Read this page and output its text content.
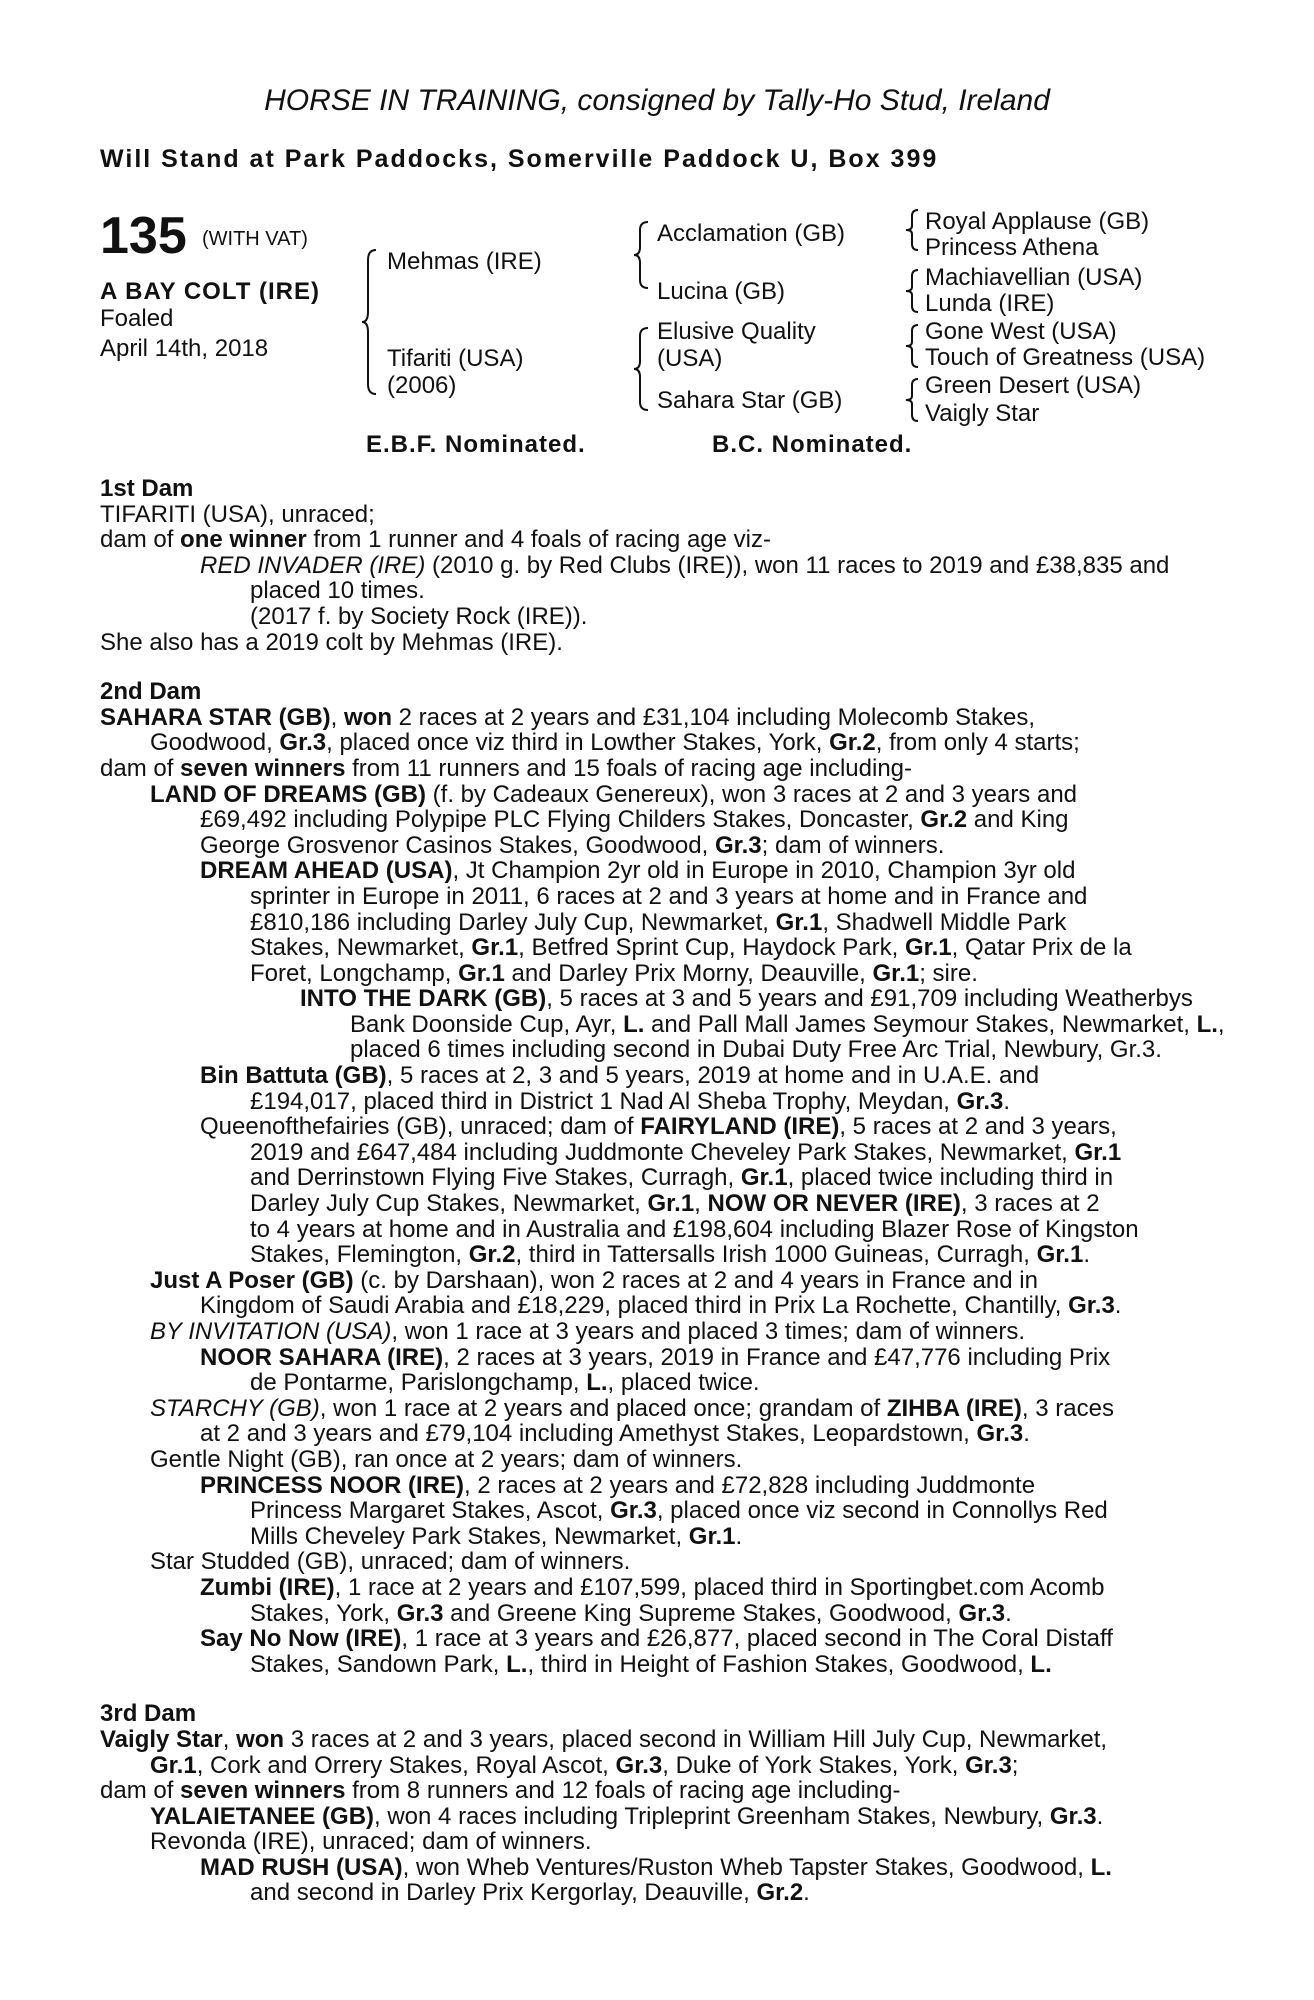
HORSE IN TRAINING, consigned by Tally-Ho Stud, Ireland
Will Stand at Park Paddocks, Somerville Paddock U, Box 399
135 (WITH VAT)
A BAY COLT (IRE)
Foaled
April 14th, 2018
Mehmas (IRE)
Tifariti (USA)
(2006)
Acclamation (GB)
Lucina (GB)
Elusive Quality
(USA)
Sahara Star (GB)
Royal Applause (GB)
Princess Athena
Machiavellian (USA)
Lunda (IRE)
Gone West (USA)
Touch of Greatness (USA)
Green Desert (USA)
Vaigly Star
E.B.F. Nominated.	B.C. Nominated.

1st Dam

TIFARITI (USA), unraced;

dam of one winner from 1 runner and 4 foals of racing age viz-

RED INVADER (IRE) (2010 g. by Red Clubs (IRE)), won 11 races to 2019 and £38,835 and

placed 10 times.

(2017 f. by Society Rock (IRE)).

She also has a 2019 colt by Mehmas (IRE).

2nd Dam

SAHARA STAR (GB), won 2 races at 2 years and £31,104 including Molecomb Stakes,

Goodwood, Gr.3, placed once viz third in Lowther Stakes, York, Gr.2, from only 4 starts;

dam of seven winners from 11 runners and 15 foals of racing age including-

LAND OF DREAMS (GB) (f. by Cadeaux Genereux), won 3 races at 2 and 3 years and

£69,492 including Polypipe PLC Flying Childers Stakes, Doncaster, Gr.2 and King

George Grosvenor Casinos Stakes, Goodwood, Gr.3; dam of winners.

DREAM AHEAD (USA), Jt Champion 2yr old in Europe in 2010, Champion 3yr old

sprinter in Europe in 2011, 6 races at 2 and 3 years at home and in France and

£810,186 including Darley July Cup, Newmarket, Gr.1, Shadwell Middle Park

Stakes, Newmarket, Gr.1, Betfred Sprint Cup, Haydock Park, Gr.1, Qatar Prix de la

Foret, Longchamp, Gr.1 and Darley Prix Morny, Deauville, Gr.1; sire.

INTO THE DARK (GB), 5 races at 3 and 5 years and £91,709 including Weatherbys

Bank Doonside Cup, Ayr, L. and Pall Mall James Seymour Stakes, Newmarket, L.,

placed 6 times including second in Dubai Duty Free Arc Trial, Newbury, Gr.3.

Bin Battuta (GB), 5 races at 2, 3 and 5 years, 2019 at home and in U.A.E. and

£194,017, placed third in District 1 Nad Al Sheba Trophy, Meydan, Gr.3.

Queenofthefairies (GB), unraced; dam of FAIRYLAND (IRE), 5 races at 2 and 3 years,

2019 and £647,484 including Juddmonte Cheveley Park Stakes, Newmarket, Gr.1

and Derrinstown Flying Five Stakes, Curragh, Gr.1, placed twice including third in

Darley July Cup Stakes, Newmarket, Gr.1, NOW OR NEVER (IRE), 3 races at 2

to 4 years at home and in Australia and £198,604 including Blazer Rose of Kingston

Stakes, Flemington, Gr.2, third in Tattersalls Irish 1000 Guineas, Curragh, Gr.1.

Just A Poser (GB) (c. by Darshaan), won 2 races at 2 and 4 years in France and in

Kingdom of Saudi Arabia and £18,229, placed third in Prix La Rochette, Chantilly, Gr.3.

BY INVITATION (USA), won 1 race at 3 years and placed 3 times; dam of winners.

NOOR SAHARA (IRE), 2 races at 3 years, 2019 in France and £47,776 including Prix

de Pontarme, Parislongchamp, L., placed twice.

STARCHY (GB), won 1 race at 2 years and placed once; grandam of ZIHBA (IRE), 3 races

at 2 and 3 years and £79,104 including Amethyst Stakes, Leopardstown, Gr.3.

Gentle Night (GB), ran once at 2 years; dam of winners.

PRINCESS NOOR (IRE), 2 races at 2 years and £72,828 including Juddmonte

Princess Margaret Stakes, Ascot, Gr.3, placed once viz second in Connollys Red

Mills Cheveley Park Stakes, Newmarket, Gr.1.

Star Studded (GB), unraced; dam of winners.

Zumbi (IRE), 1 race at 2 years and £107,599, placed third in Sportingbet.com Acomb

Stakes, York, Gr.3 and Greene King Supreme Stakes, Goodwood, Gr.3.

Say No Now (IRE), 1 race at 3 years and £26,877, placed second in The Coral Distaff

Stakes, Sandown Park, L., third in Height of Fashion Stakes, Goodwood, L.

3rd Dam

Vaigly Star, won 3 races at 2 and 3 years, placed second in William Hill July Cup, Newmarket,

Gr.1, Cork and Orrery Stakes, Royal Ascot, Gr.3, Duke of York Stakes, York, Gr.3;

dam of seven winners from 8 runners and 12 foals of racing age including-

YALAIETANEE (GB), won 4 races including Tripleprint Greenham Stakes, Newbury, Gr.3.

Revonda (IRE), unraced; dam of winners.

MAD RUSH (USA), won Wheb Ventures/Ruston Wheb Tapster Stakes, Goodwood, L.

and second in Darley Prix Kergorlay, Deauville, Gr.2.
